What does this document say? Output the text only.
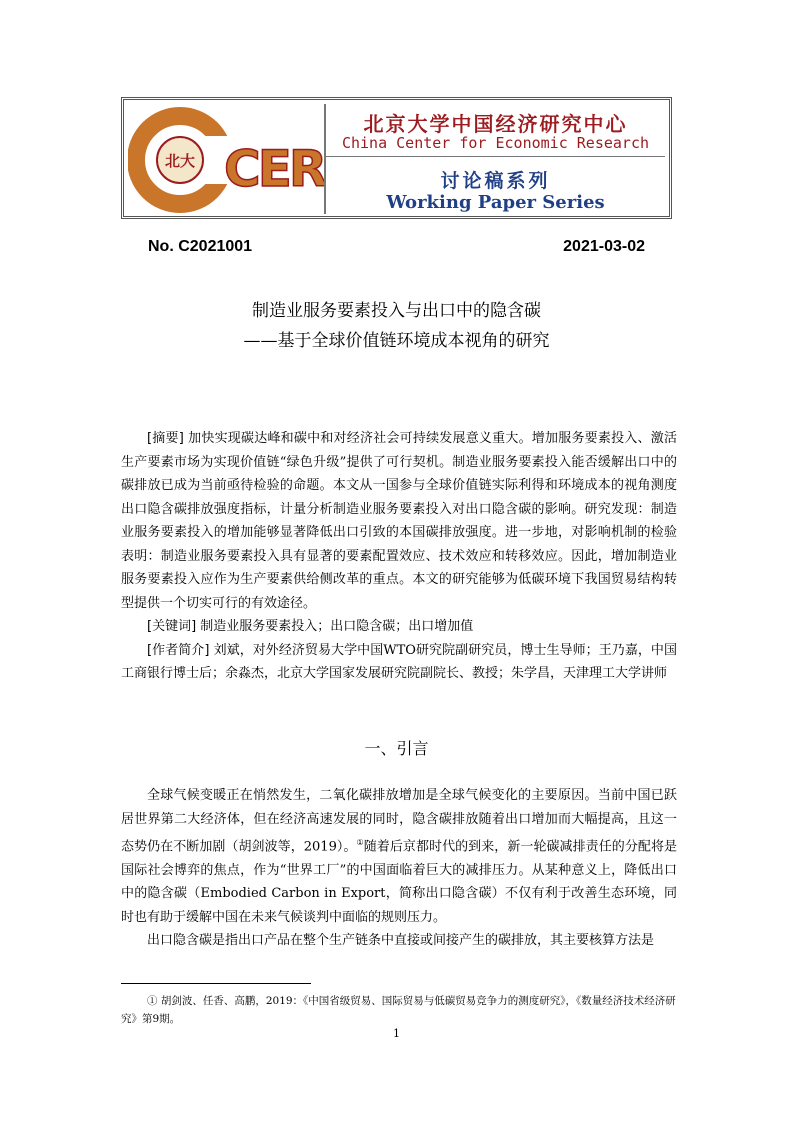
北大 CER
北京大学中国经济研究中心
China Center for Economic Research
讨论稿系列
Working Paper Series
No. C2021001	2021-03-02
制造业服务要素投入与出口中的隐含碳
——基于全球价值链环境成本视角的研究

[摘要] 加快实现碳达峰和碳中和对经济社会可持续发展意义重大。增加服务要素投入、激活生产要素市场为实现价值链“绿色升级”提供了可行契机。制造业服务要素投入能否缓解出口中的碳排放已成为当前亟待检验的命题。本文从一国参与全球价值链实际利得和环境成本的视角测度出口隐含碳排放强度指标，计量分析制造业服务要素投入对出口隐含碳的影响。研究发现：制造业服务要素投入的增加能够显著降低出口引致的本国碳排放强度。进一步地，对影响机制的检验表明：制造业服务要素投入具有显著的要素配置效应、技术效应和转移效应。因此，增加制造业服务要素投入应作为生产要素供给侧改革的重点。本文的研究能够为低碳环境下我国贸易结构转型提供一个切实可行的有效途径。

[关键词] 制造业服务要素投入；出口隐含碳；出口增加值

[作者简介] 刘斌，对外经济贸易大学中国WTO研究院副研究员，博士生导师；王乃嘉，中国工商银行博士后；余淼杰，北京大学国家发展研究院副院长、教授；朱学昌，天津理工大学讲师

一、引言

全球气候变暖正在悄然发生，二氧化碳排放增加是全球气候变化的主要原因。当前中国已跃居世界第二大经济体，但在经济高速发展的同时，隐含碳排放随着出口增加而大幅提高，且这一态势仍在不断加剧（胡剑波等，2019）。①随着后京都时代的到来，新一轮碳减排责任的分配将是国际社会博弈的焦点，作为“世界工厂”的中国面临着巨大的减排压力。从某种意义上，降低出口中的隐含碳（Embodied Carbon in Export，简称出口隐含碳）不仅有利于改善生态环境，同时也有助于缓解中国在未来气候谈判中面临的规则压力。

出口隐含碳是指出口产品在整个生产链条中直接或间接产生的碳排放，其主要核算方法是

① 胡剑波、任香、高鹏，2019：《中国省级贸易、国际贸易与低碳贸易竞争力的测度研究》，《数量经济技术经济研究》第9期。
1
